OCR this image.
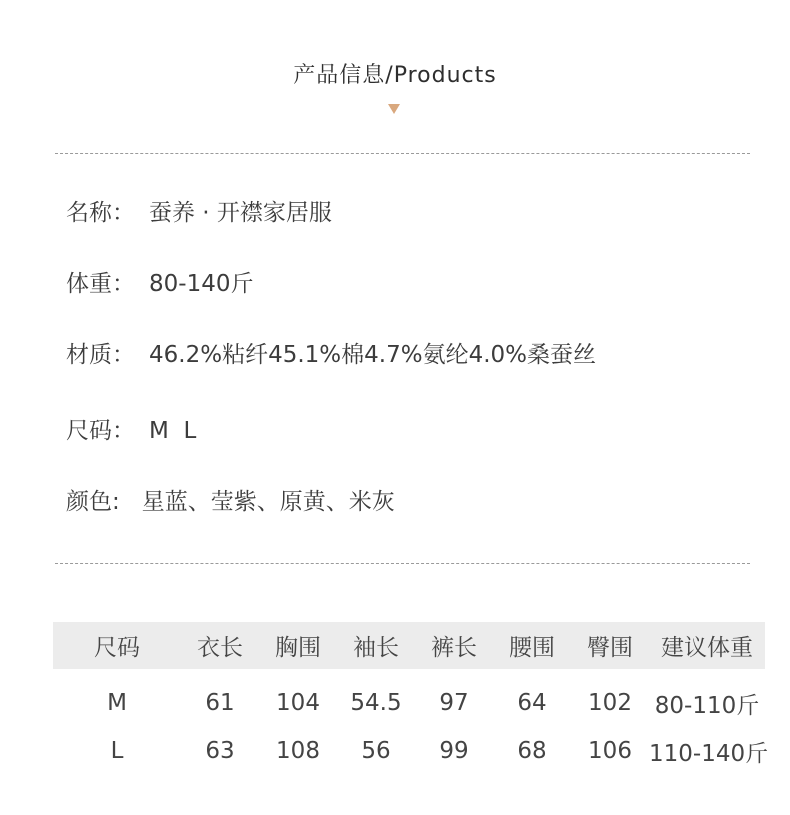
产品信息/Products
名称： 蚕养 · 开襟家居服
体重： 80-140斤
材质： 46.2%粘纤45.1%棉4.7%氨纶4.0%桑蚕丝
尺码： M  L
颜色: 星蓝、莹紫、原黄、米灰
尺码	衣长	胸围	袖长	裤长	腰围	臀围	建议体重
M	61	104	54.5	97	64	102 80-110斤
L	63	108	56	99	68	106 110-140斤
